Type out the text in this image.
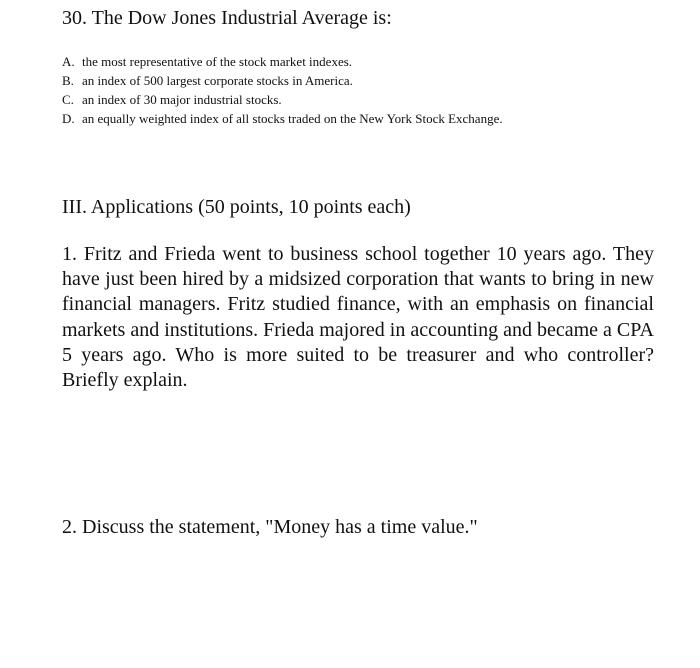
30. The Dow Jones Industrial Average is:
A. the most representative of the stock market indexes.
B. an index of 500 largest corporate stocks in America.
C. an index of 30 major industrial stocks.
D. an equally weighted index of all stocks traded on the New York Stock Exchange.
III. Applications (50 points, 10 points each)
1. Fritz and Frieda went to business school together 10 years ago. They have just been hired by a midsized corporation that wants to bring in new financial managers. Fritz studied finance, with an emphasis on financial markets and institutions. Frieda majored in accounting and became a CPA 5 years ago. Who is more suited to be treasurer and who controller? Briefly explain.
2. Discuss the statement, "Money has a time value."
